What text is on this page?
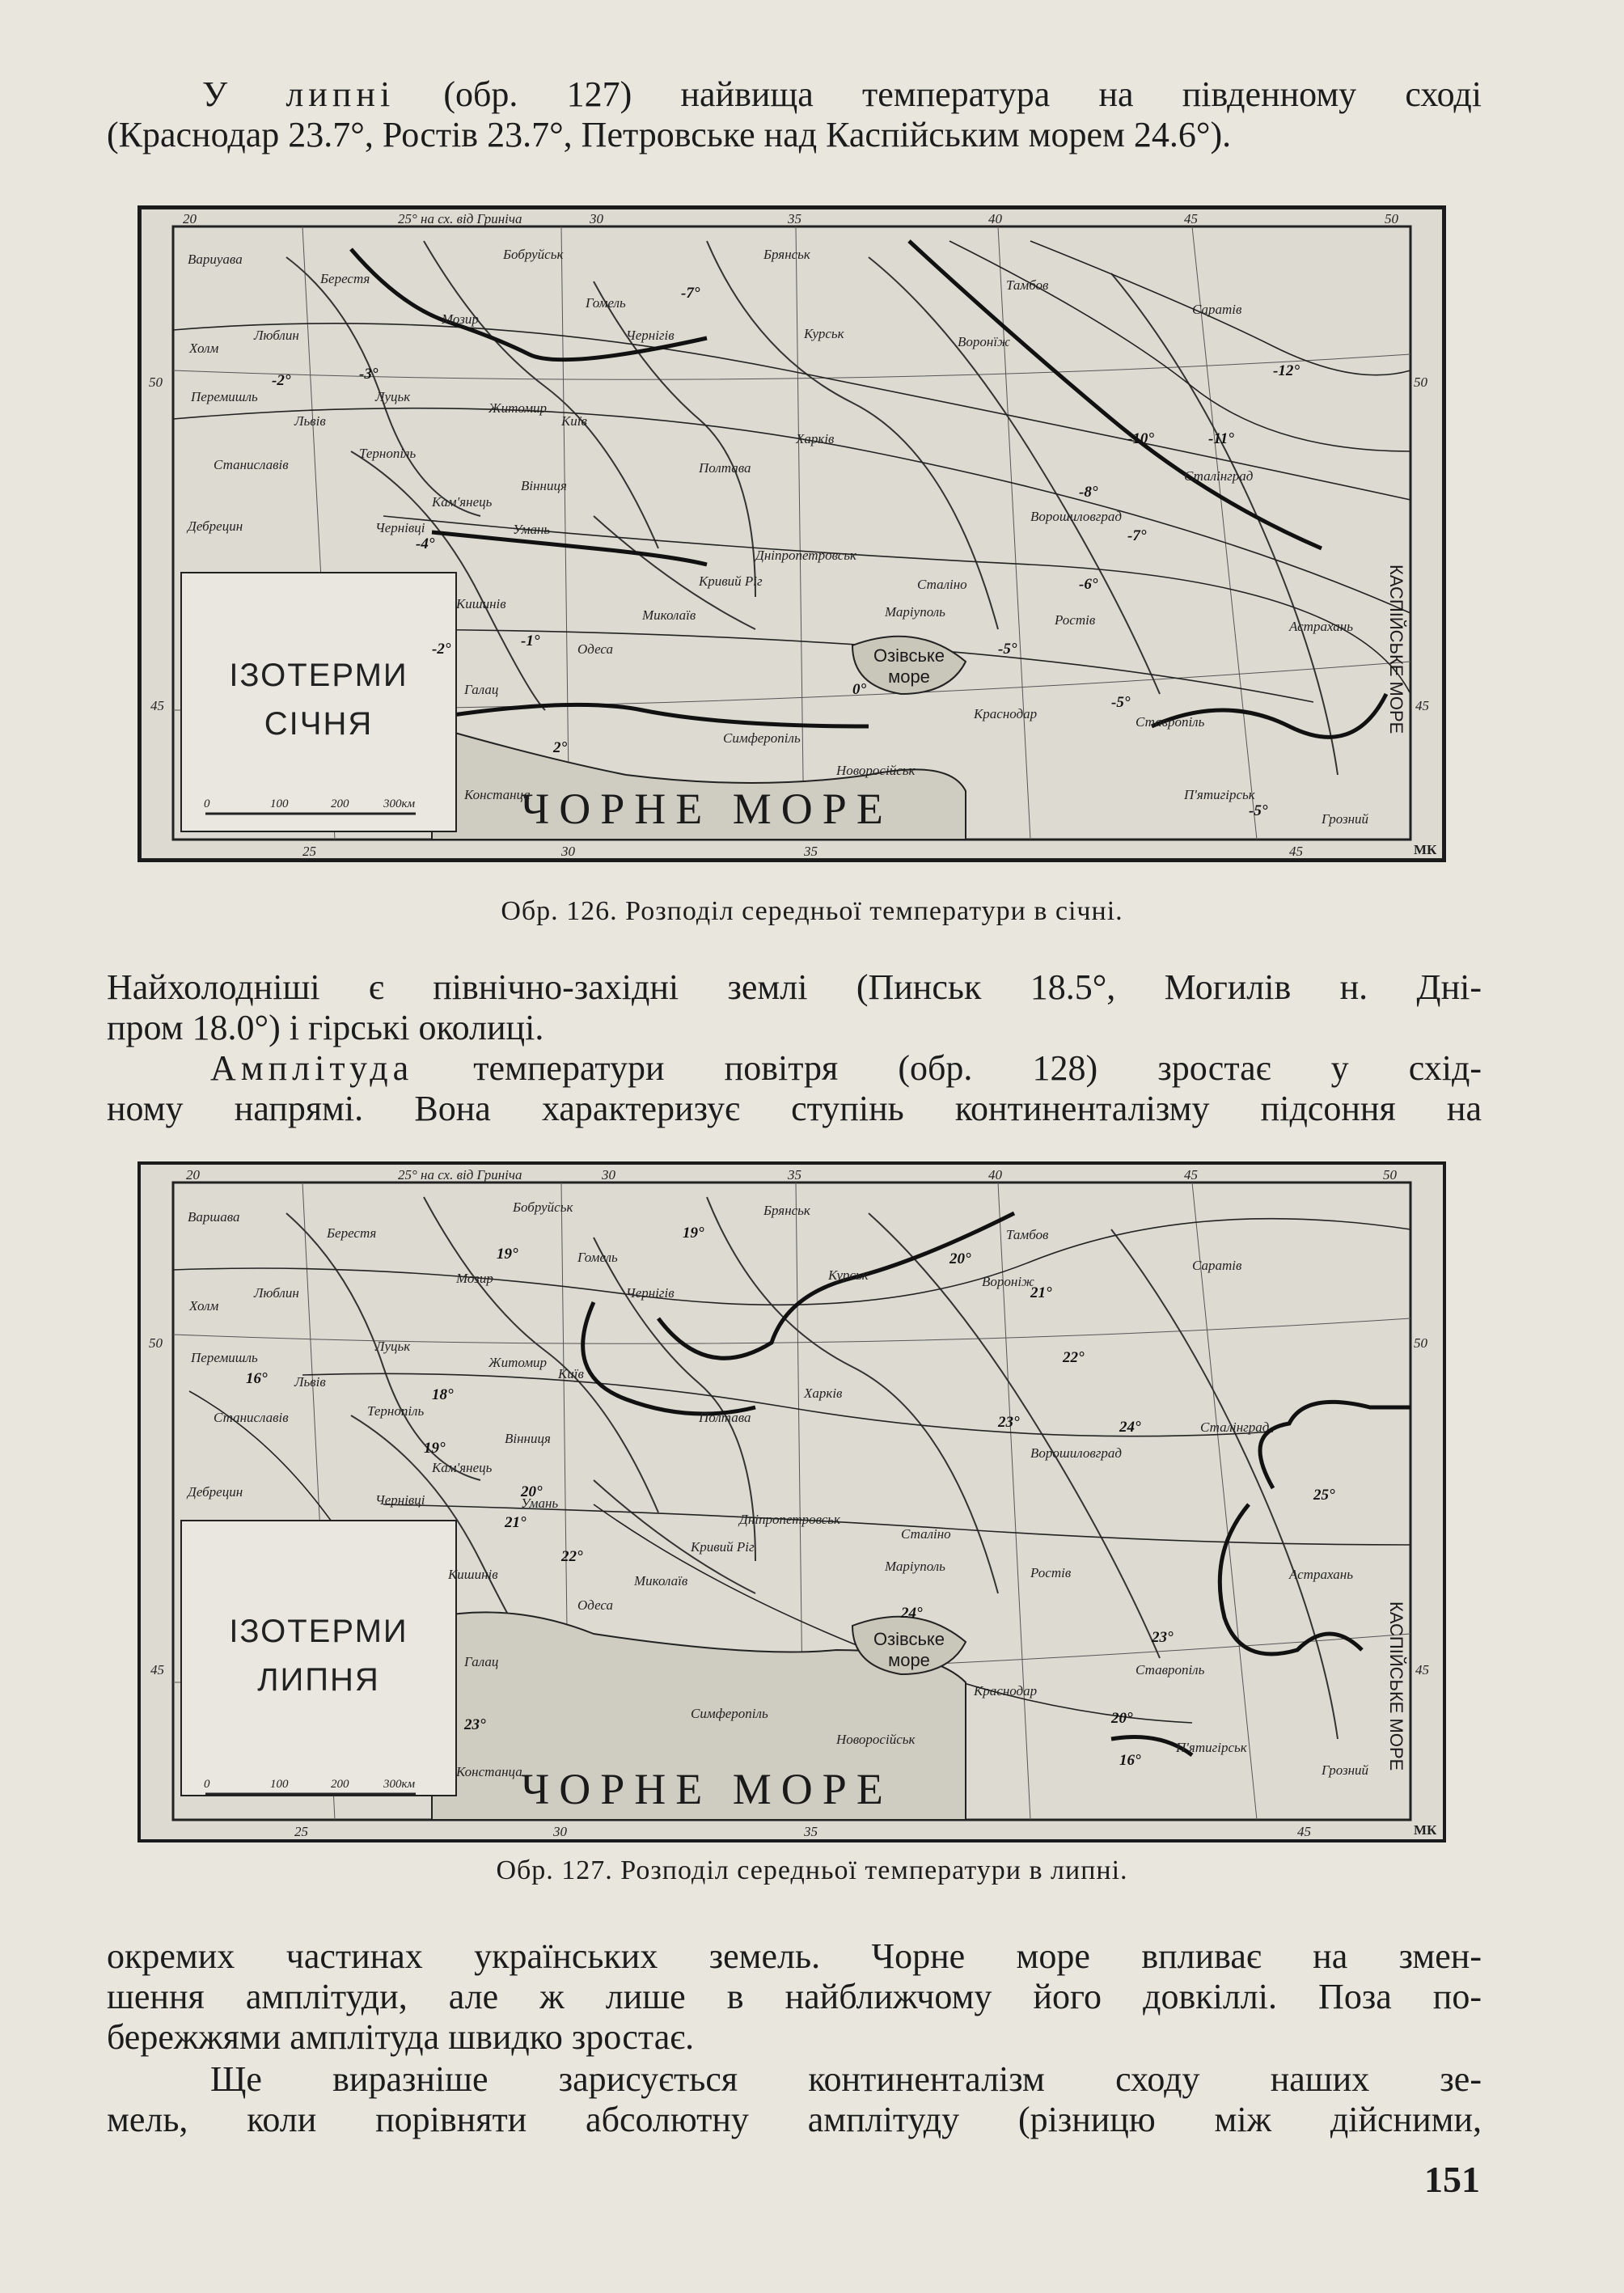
У липні (обр. 127) найвища температура на південному сході
(Краснодар 23.7°, Ростів 23.7°, Петровське над Каспійським морем 24.6°).
20	25° на сх. від Гриніча	30	35	40	45	50
25	30	35	45
50	50
45	45
МК
ІЗОТЕРМИ
СІЧНЯ
0	100	200	300км ЧОРНЕ МОРЕ
Озівське
море	КАСПІЙСЬКЕ МОРЕ
Вариуава
Берестя
Бобруйськ
Гомель
Брянськ
Тамбов
Саратів
Люблин
Мозир
Чернігів	Курськ
Воронїж
Холм
Луцьк
Житомир
Київ
Перемишль
Львів
Харків
Тернопіль
Полтава
Станиславів
Кам'янець
Вінниця
Ворошиловград
Сталінград
Дебрецин	Чернівці	Умань
Дніпропетровськ
Кривий Ріг	Сталіно
Кишинів
Миколаїв	Маріуполь
Ростів	Астрахань
Одеса
Галац
Краснодар
Ставропіль
Симферопіль
Новоросійськ
П'ятигірськ
Констанца
Грозний
-3°
-2°
-7°
-12°
-10°	-11°
-8°
-7°
-6°
-5°
-5°
0°
-2°
-4°
-1°
2°
-5°
Обр. 126. Розподіл середньої температури в січні.
Найхолодніші є північно-західні землі (Пинськ 18.5°, Могилів н. Дні-
пром 18.0°) і гірські околиці.
Амплітуда температури повітря (обр. 128) зростає у схід-
ному напрямі. Вона характеризує ступінь континенталізму підсоння на
20	25° на сх. від Гриніча	30	35	40	45	50
25	30	35	45
50	50
45	45
МК
ІЗОТЕРМИ
ЛИПНЯ
0	100	200	300км ЧОРНЕ МОРЕ
Озівське
море	КАСПІЙСЬКЕ МОРЕ
Варшава
Берестя
Бобруйськ
Гомель
Брянськ
Тамбов
Саратів
Люблин
Мозир
Чернігів
Курськ	Вороніж
Холм
Луцьк
Житомир
Київ
Перемишль
Львів
Харків
Тернопіль	Полтава
Станиславів
Кам'янець
Вінниця
Ворошиловград
Сталінград
Дебрецин
Чернівці	Умань
Дніпропетровськ
Кривий Ріг
Сталіно
Кишинів	Миколаїв
Маріуполь	Ростів	Астрахань
Одеса
Галац
Краснодар
Ставропіль
Симферопіль
Новоросійськ
П'ятигірськ
Констанца	Грозний
19°
19°
20°
21°
22°
23°	24°
25°
18°
19°
20°
21°
22°
24°
23°
20°
16°
23°
16°
Обр. 127. Розподіл середньої температури в липні.
окремих частинах українських земель. Чорне море впливає на змен-
шення амплітуди, але ж лише в найближчому його довкіллі. Поза по-
бережжями амплітуда швидко зростає.
Ще виразніше зарисується континенталізм сходу наших зе-
мель, коли порівняти абсолютну амплітуду (різницю між дійсними,
151
